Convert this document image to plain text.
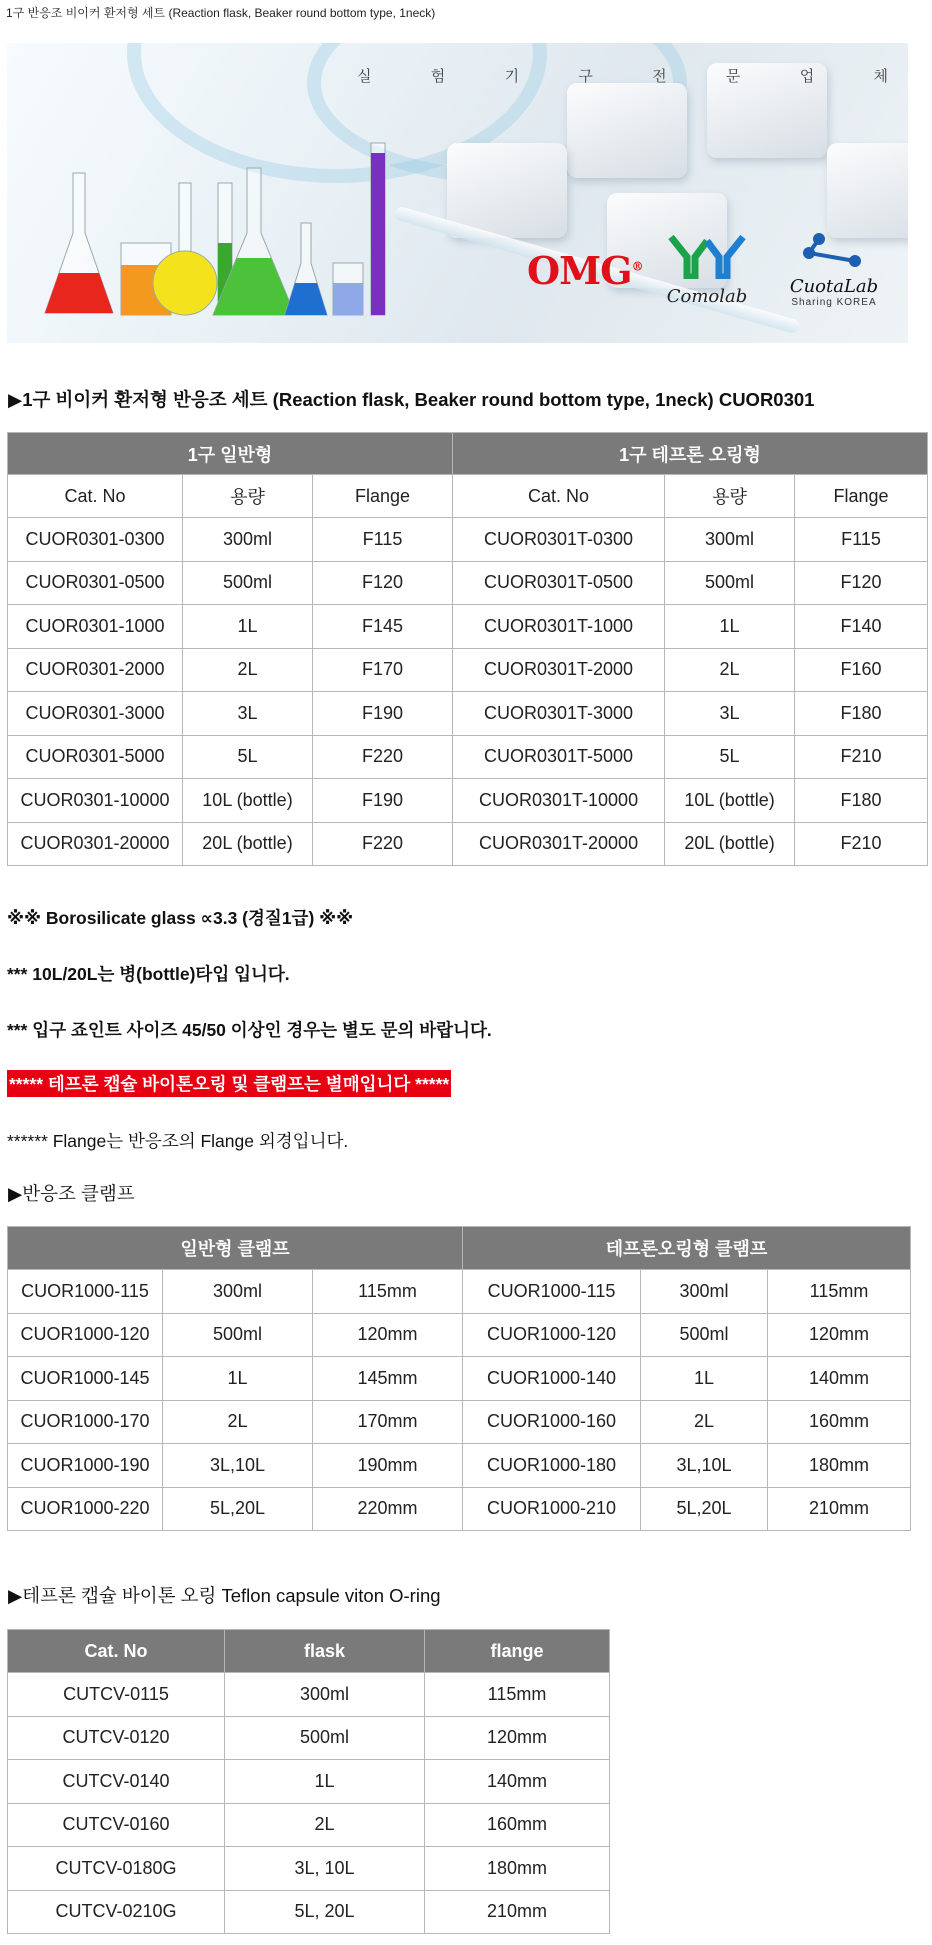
1구 반응조 비이커 환저형 세트 (Reaction flask, Beaker round bottom type, 1neck)
실	험	기	구	전	문	업	체
OMG®
Comolab	CuotaLab
Sharing KOREA
▶1구 비이커 환저형 반응조 세트 (Reaction flask, Beaker round bottom type, 1neck) CUOR0301
1구 일반형			1구 테프론 오링형		
Cat. No	용량	Flange	Cat. No	용량	Flange
CUOR0301-0300	300ml	F115	CUOR0301T-0300	300ml	F115
CUOR0301-0500	500ml	F120	CUOR0301T-0500	500ml	F120
CUOR0301-1000	1L	F145	CUOR0301T-1000	1L	F140
CUOR0301-2000	2L	F170	CUOR0301T-2000	2L	F160
CUOR0301-3000	3L	F190	CUOR0301T-3000	3L	F180
CUOR0301-5000	5L	F220	CUOR0301T-5000	5L	F210
CUOR0301-10000	10L (bottle)	F190	CUOR0301T-10000	10L (bottle)	F180
CUOR0301-20000	20L (bottle)	F220	CUOR0301T-20000	20L (bottle)	F210
※※ Borosilicate glass ∝3.3 (경질1급) ※※
*** 10L/20L는 병(bottle)타입 입니다.
*** 입구 죠인트 사이즈 45/50 이상인 경우는 별도 문의 바랍니다.
***** 테프론 캡슐 바이톤오링 및 클램프는 별매입니다 *****
****** Flange는 반응조의 Flange 외경입니다.
▶반응조 클램프
일반형 클램프			테프론오링형 클램프		
CUOR1000-115	300ml	115mm	CUOR1000-115	300ml	115mm
CUOR1000-120	500ml	120mm	CUOR1000-120	500ml	120mm
CUOR1000-145	1L	145mm	CUOR1000-140	1L	140mm
CUOR1000-170	2L	170mm	CUOR1000-160	2L	160mm
CUOR1000-190	3L,10L	190mm	CUOR1000-180	3L,10L	180mm
CUOR1000-220	5L,20L	220mm	CUOR1000-210	5L,20L	210mm
▶테프론 캡슐 바이톤 오링 Teflon capsule viton O-ring
Cat. No	flask	flange
CUTCV-0115	300ml	115mm
CUTCV-0120	500ml	120mm
CUTCV-0140	1L	140mm
CUTCV-0160	2L	160mm
CUTCV-0180G	3L, 10L	180mm
CUTCV-0210G	5L, 20L	210mm
